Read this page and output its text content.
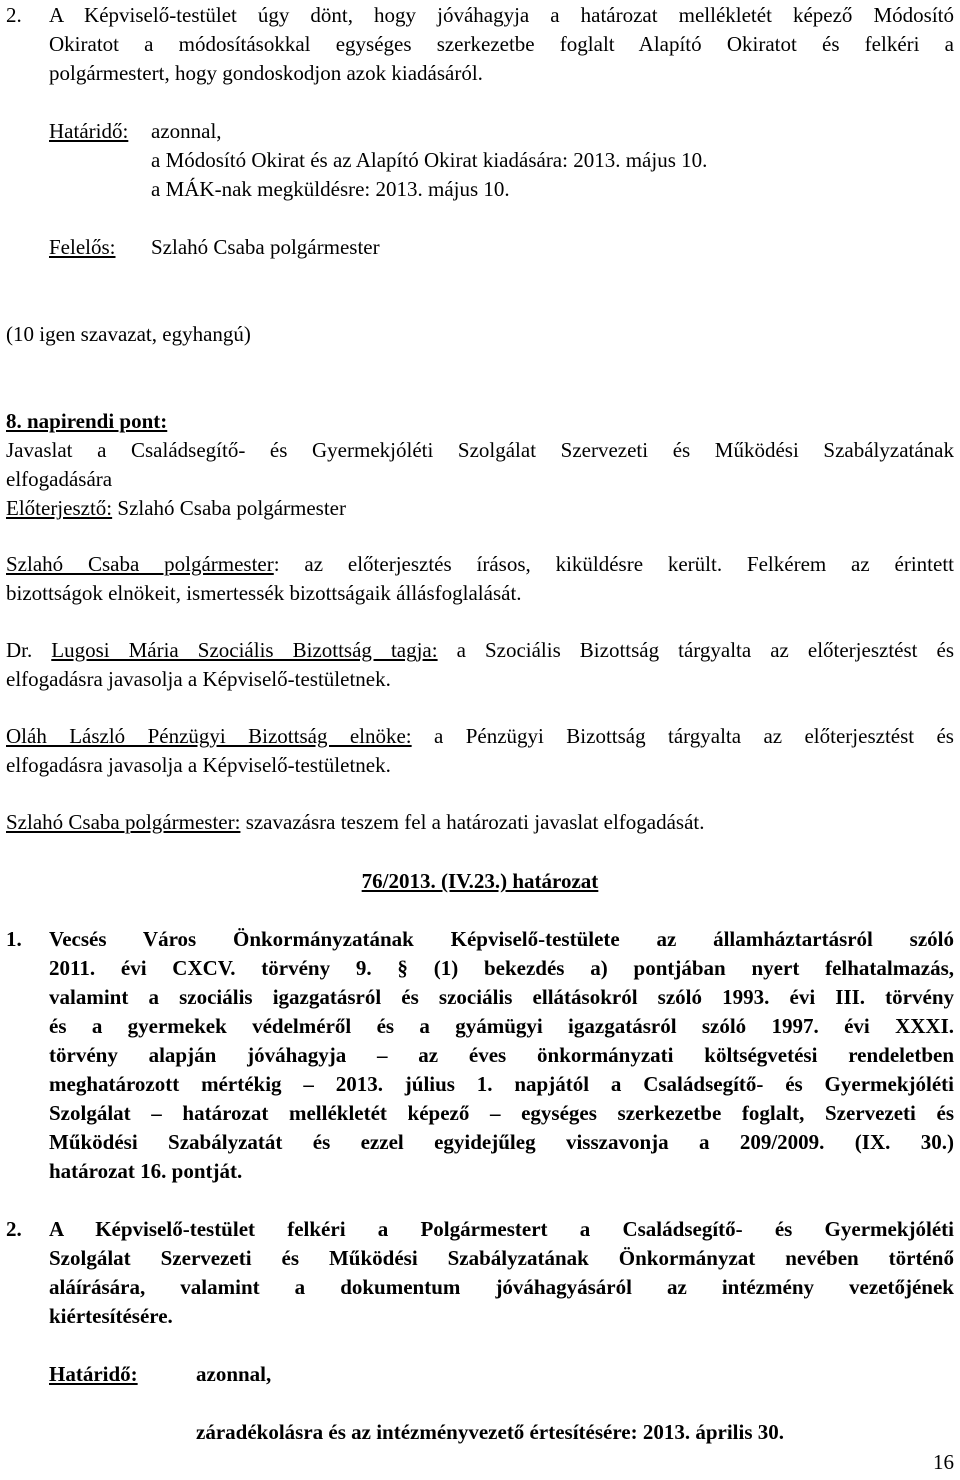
2. A Képviselő-testület úgy dönt, hogy jóváhagyja a határozat mellékletét képező Módosító
Okiratot a módosításokkal egységes szerkezetbe foglalt Alapító Okiratot és felkéri a
polgármestert, hogy gondoskodjon azok kiadásáról.
Határidő: azonnal,
a Módosító Okirat és az Alapító Okirat kiadására: 2013. május 10.
a MÁK-nak megküldésre: 2013. május 10.
Felelős: Szlahó Csaba polgármester
(10 igen szavazat, egyhangú)
8. napirendi pont:
Javaslat a Családsegítő- és Gyermekjóléti Szolgálat Szervezeti és Működési Szabályzatának
elfogadására
Előterjesztő: Szlahó Csaba polgármester
Szlahó Csaba polgármester: az előterjesztés írásos, kiküldésre került. Felkérem az érintett
bizottságok elnökeit, ismertessék bizottságaik állásfoglalását.
Dr. Lugosi Mária Szociális Bizottság tagja: a Szociális Bizottság tárgyalta az előterjesztést és
elfogadásra javasolja a Képviselő-testületnek.
Oláh László Pénzügyi Bizottság elnöke: a Pénzügyi Bizottság tárgyalta az előterjesztést és
elfogadásra javasolja a Képviselő-testületnek.
Szlahó Csaba polgármester: szavazásra teszem fel a határozati javaslat elfogadását.
76/2013. (IV.23.) határozat
1. Vecsés Város Önkormányzatának Képviselő-testülete az államháztartásról szóló
2011. évi CXCV. törvény 9. § (1) bekezdés a) pontjában nyert felhatalmazás,
valamint a szociális igazgatásról és szociális ellátásokról szóló 1993. évi III. törvény
és a gyermekek védelméről és a gyámügyi igazgatásról szóló 1997. évi XXXI.
törvény alapján jóváhagyja – az éves önkormányzati költségvetési rendeletben
meghatározott mértékig – 2013. július 1. napjától a Családsegítő- és Gyermekjóléti
Szolgálat – határozat mellékletét képező – egységes szerkezetbe foglalt, Szervezeti és
Működési Szabályzatát és ezzel egyidejűleg visszavonja a 209/2009. (IX. 30.)
határozat 16. pontját.
2. A Képviselő-testület felkéri a Polgármestert a Családsegítő- és Gyermekjóléti
Szolgálat Szervezeti és Működési Szabályzatának Önkormányzat nevében történő
aláírására, valamint a dokumentum jóváhagyásáról az intézmény vezetőjének
kiértesítésére.
Határidő:	azonnal,
záradékolásra és az intézményvezető értesítésére: 2013. április 30.
16
